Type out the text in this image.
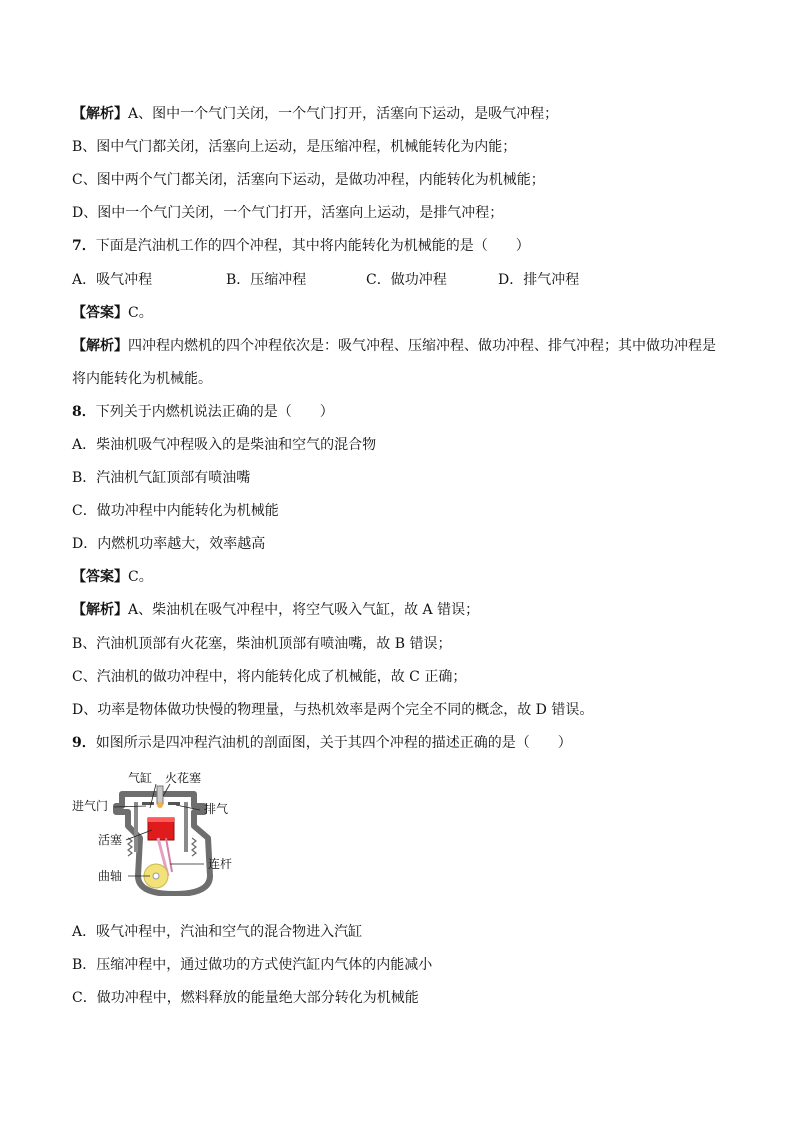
【解析】A、图中一个气门关闭，一个气门打开，活塞向下运动，是吸气冲程；
B、图中气门都关闭，活塞向上运动，是压缩冲程，机械能转化为内能；
C、图中两个气门都关闭，活塞向下运动，是做功冲程，内能转化为机械能；
D、图中一个气门关闭，一个气门打开，活塞向上运动，是排气冲程；
7．下面是汽油机工作的四个冲程，其中将内能转化为机械能的是（　　）
A．吸气冲程	B．压缩冲程	C．做功冲程	D．排气冲程
【答案】C。
【解析】四冲程内燃机的四个冲程依次是：吸气冲程、压缩冲程、做功冲程、排气冲程；其中做功冲程是
将内能转化为机械能。
8．下列关于内燃机说法正确的是（　　）
A．柴油机吸气冲程吸入的是柴油和空气的混合物
B．汽油机气缸顶部有喷油嘴
C．做功冲程中内能转化为机械能
D．内燃机功率越大，效率越高
【答案】C。
【解析】A、柴油机在吸气冲程中，将空气吸入气缸，故 A 错误；
B、汽油机顶部有火花塞，柴油机顶部有喷油嘴，故 B 错误；
C、汽油机的做功冲程中，将内能转化成了机械能，故 C 正确；
D、功率是物体做功快慢的物理量，与热机效率是两个完全不同的概念，故 D 错误。
9．如图所示是四冲程汽油机的剖面图，关于其四个冲程的描述正确的是（　　）
气缸 火花塞
进气门	排气
活塞
连杆
曲轴
A．吸气冲程中，汽油和空气的混合物进入汽缸
B．压缩冲程中，通过做功的方式使汽缸内气体的内能减小
C．做功冲程中，燃料释放的能量绝大部分转化为机械能
